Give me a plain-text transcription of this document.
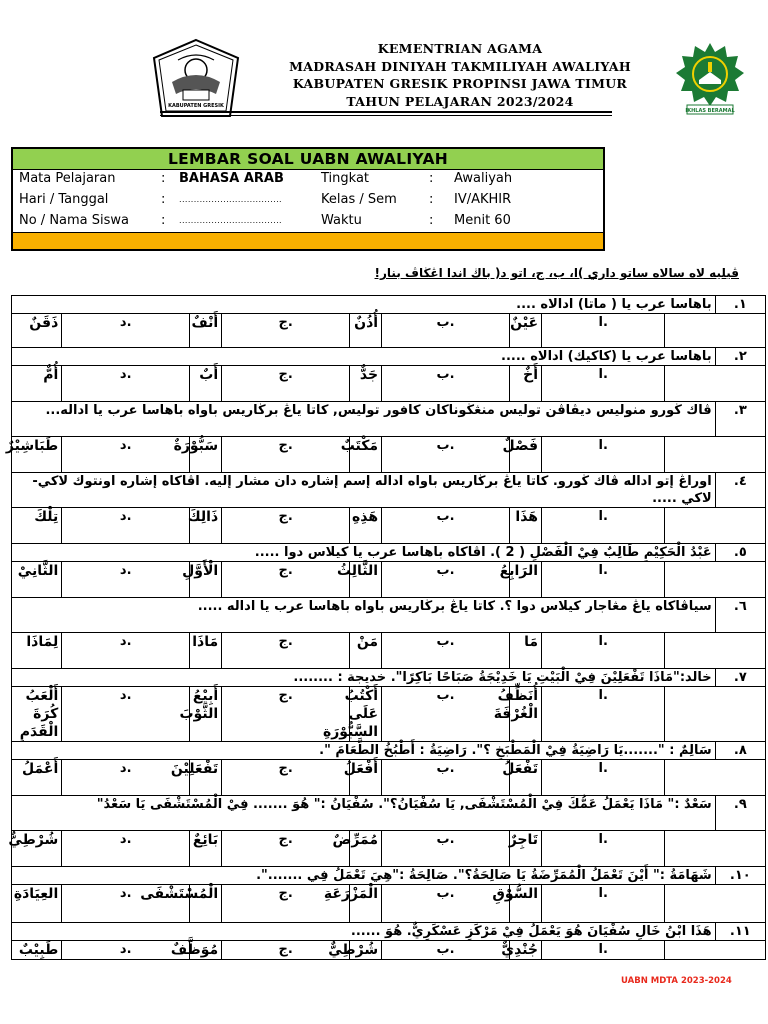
KABUPATEN GRESIK
KEMENTRIAN AGAMA
MADRASAH DINIYAH TAKMILIYAH AWALIYAH
KABUPATEN GRESIK PROPINSI JAWA TIMUR
TAHUN PELAJARAN 2023/2024
IKHLAS BERAMAL
LEMBAR SOAL UABN AWALIYAH
Mata Pelajaran	: BAHASA ARAB	Tingkat	: Awaliyah
Hari / Tanggal	: ...................................	Kelas / Sem : IV/AKHIR
No / Nama Siswa : ...................................	Waktu	: Menit 60
ڤيليه لاه سالاه ساتو داري )ا، ب، ج، اتو د( باڬ اندا اڠڬاڤ بنار!
باهاسا عرب يا ( ماتا) ادالاه ....									.١
ذَقَنٌ	د.	أَنْفٌ	ج.	أُذُنٌ	ب.	عَيْنٌ	ا.		
باهاسا عرب يا (كاكيك) ادالاه .....									.٢
أُمٌّ	د.	أَبٌ	ج.	جَدٌّ	ب.	أَخٌ	ا.		
ڤاك ڬورو منوليس ديڤاڤن توليس منڠڬوناكان كافور توليس, كاتا ياڠ برڬاريس باواه باهاسا عرب يا اداله...									.٣
طَبَاشِيْرٌ	د.	سَبُّوْرَةٌ	ج.	مَكْتَبٌ	ب.	فَصْلٌ	ا.		
اوراڠ إتو اداله ڤاك ڬورو. كاتا ياڠ برڬاريس باواه اداله إسم إشاره دان مشار إليه. اڤاكاه إشاره اونتوك لاكي-لاكي .....									.٤
تِلْكَ	د.	ذَالِكَ	ج.	هَذِهِ	ب.	هَذَا	ا.		
عَبْدُ الْحَكِيْمِ طَالِبٌ فِيْ الْفَصْلِ ( 2 ). اڤاكاه باهاسا عرب يا كيلاس دوا .....									.٥
الثَّانِيْ	د.	الْأَوَّلِ	ج.	الثَّالِثُ	ب.	الرَابِعُ	ا.		
سياڤاكاه ياڠ مڠاجار كيلاس دوا ؟. كاتا ياڠ برڬاريس باواه باهاسا عرب يا اداله .....									.٦
لِمَاذَا	د.	مَاذَا	ج.	مَنْ	ب.	مَا	ا.		
خالد:"مَاذَا تَفْعَلِيْنَ فِيْ الْبَيْتِ يَا خَدِيْجَةُ صَبَاحًا بَاكِرًا". خديجة : ........									.٧
أَلْعَبُ كُرَةَ الْقَدَمِ	د.	أَبِيْعُ الثَّوْبَ	ج.	أَكْتُبُ عَلَى السَّبُّوْرَةِ	ب.	أُنَظِّفُ الْغُرْفَةَ	ا.		
سَالِمٌ : ".......يَا رَاضِيَةُ فِيْ الْمَطْبَخِ ؟". رَاضِيَةُ : أَطْبُخُ الطَّعَامَ ".									.٨
أَعْمَلُ	د.	تَفْعَلِيْنَ	ج.	أَفْعَلُ	ب.	تَفْعَلُ	ا.		
سَعْدٌ :" مَاذَا يَعْمَلُ عَمُّكَ فِيْ الْمُسْتَشْفَى, يَا سُفْيَانُ؟". سُفْيَانُ :" هُوَ ....... فِيْ الْمُسْتَشْفَى يَا سَعْدُ"									.٩
شُرْطِيٌّ	د.	بَائِعٌ	ج.	مُمَرِّضٌ	ب.	تَاجِرٌ	ا.		
شَهَامَةُ :" أَيْنَ تَعْمَلُ الْمُمَرِّضَةُ يَا صَالِحَةُ؟". صَالِحَةُ :"هِيَ تَعْمَلُ فِي .......".									.١٠
العِيَادَةِ	د.	الْمُسْتَشْفَى	ج.	الْمَزْرَعَةِ	ب.	السُّوْقِ	ا.		
هَذَا ابْنُ خَالِ سُفْيَانَ هُوَ يَعْمَلُ فِيْ مَرْكَزِ عَسْكَرِيٌّ. هُوَ ......									.١١
طَبِيْبٌ	د.	مُوَظَّفٌ	ج.	شُرْطِيٌّ	ب.	جُنْدِيٌّ	ا.		
UABN MDTA 2023-2024
